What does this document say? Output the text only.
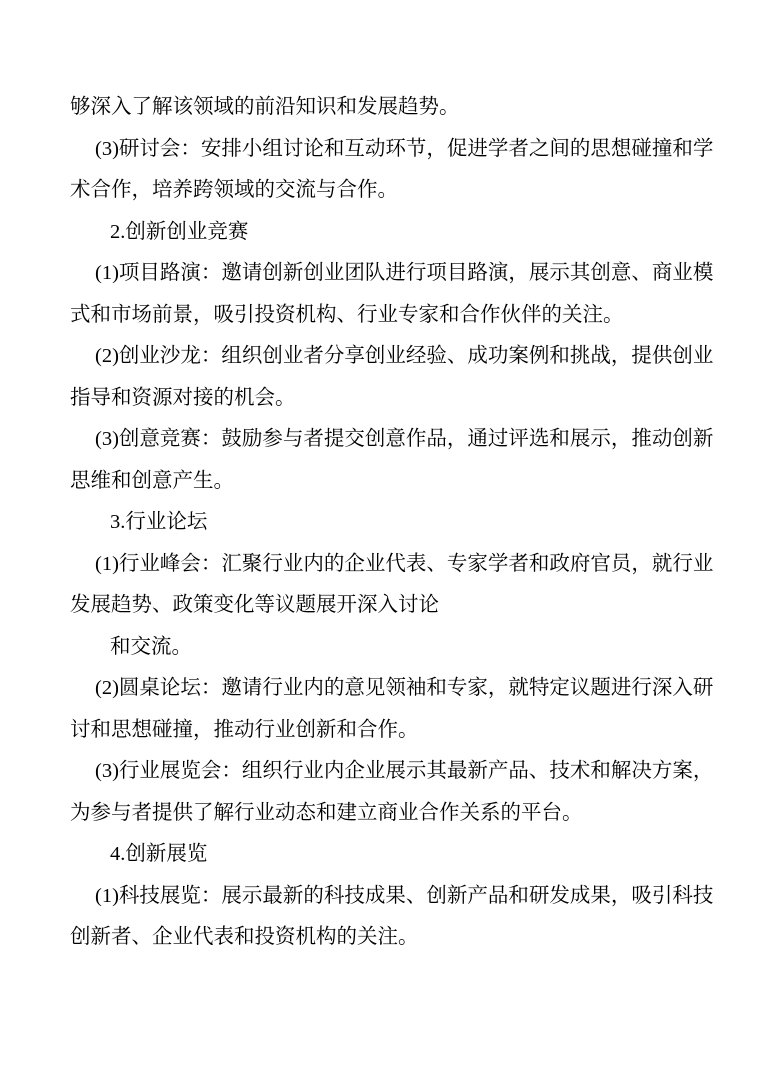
够深入了解该领域的前沿知识和发展趋势。
(3)研讨会：安排小组讨论和互动环节，促进学者之间的思想碰撞和学
术合作，培养跨领域的交流与合作。
2.创新创业竞赛
(1)项目路演：邀请创新创业团队进行项目路演，展示其创意、商业模
式和市场前景，吸引投资机构、行业专家和合作伙伴的关注。
(2)创业沙龙：组织创业者分享创业经验、成功案例和挑战，提供创业
指导和资源对接的机会。
(3)创意竞赛：鼓励参与者提交创意作品，通过评选和展示，推动创新
思维和创意产生。
3.行业论坛
(1)行业峰会：汇聚行业内的企业代表、专家学者和政府官员，就行业
发展趋势、政策变化等议题展开深入讨论
和交流。
(2)圆桌论坛：邀请行业内的意见领袖和专家，就特定议题进行深入研
讨和思想碰撞，推动行业创新和合作。
(3)行业展览会：组织行业内企业展示其最新产品、技术和解决方案，
为参与者提供了解行业动态和建立商业合作关系的平台。
4.创新展览
(1)科技展览：展示最新的科技成果、创新产品和研发成果，吸引科技
创新者、企业代表和投资机构的关注。
